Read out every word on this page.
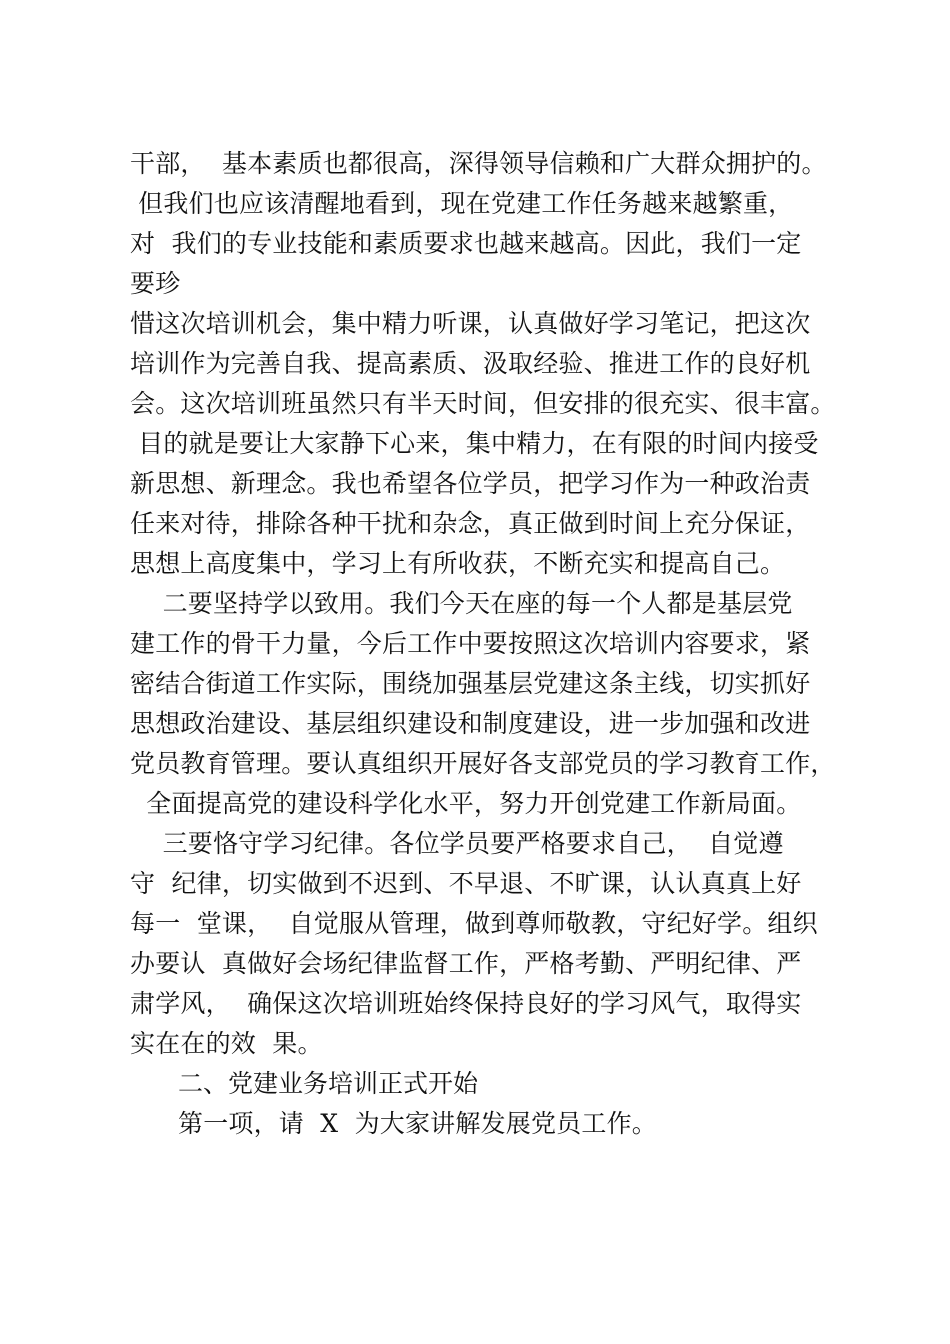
干部，  基本素质也都很高，深得领导信赖和广大群众拥护的。
但我们也应该清醒地看到，现在党建工作任务越来越繁重，
对  我们的专业技能和素质要求也越来越高。因此，我们一定
要珍
惜这次培训机会，集中精力听课，认真做好学习笔记，把这次
培训作为完善自我、提高素质、汲取经验、推进工作的良好机
会。这次培训班虽然只有半天时间，但安排的很充实、很丰富。
目的就是要让大家静下心来，集中精力，在有限的时间内接受
新思想、新理念。我也希望各位学员，把学习作为一种政治责
任来对待，排除各种干扰和杂念，真正做到时间上充分保证，
思想上高度集中，学习上有所收获，不断充实和提高自己。
二要坚持学以致用。我们今天在座的每一个人都是基层党
建工作的骨干力量，今后工作中要按照这次培训内容要求，紧
密结合街道工作实际，围绕加强基层党建这条主线，切实抓好
思想政治建设、基层组织建设和制度建设，进一步加强和改进
党员教育管理。要认真组织开展好各支部党员的学习教育工作，
全面提高党的建设科学化水平，努力开创党建工作新局面。
三要恪守学习纪律。各位学员要严格要求自己，  自觉遵
守  纪律，切实做到不迟到、不早退、不旷课，认认真真上好
每一  堂课，  自觉服从管理，做到尊师敬教，守纪好学。组织
办要认  真做好会场纪律监督工作，严格考勤、严明纪律、严
肃学风，  确保这次培训班始终保持良好的学习风气，取得实
实在在的效  果。
二、党建业务培训正式开始
第一项，请  X  为大家讲解发展党员工作。
